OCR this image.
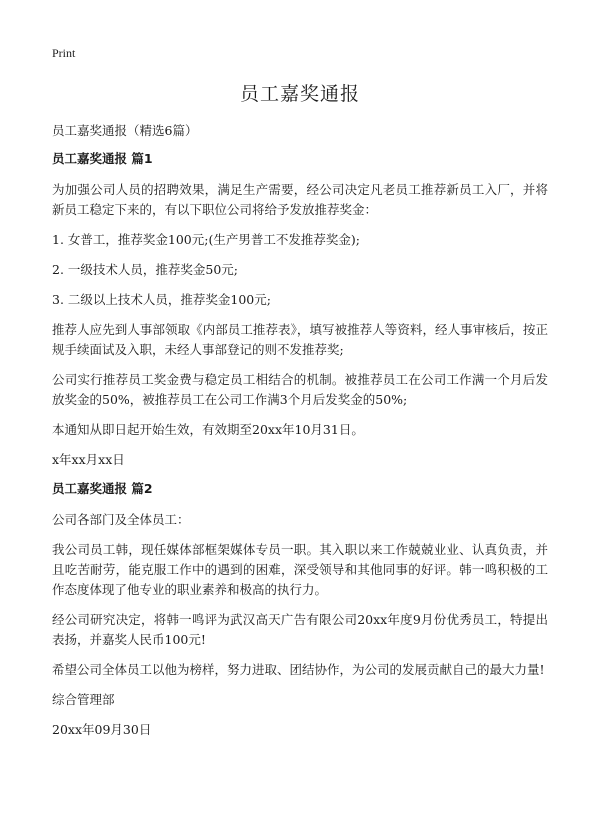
Print
员工嘉奖通报

员工嘉奖通报（精选6篇）

员工嘉奖通报 篇1

为加强公司人员的招聘效果，满足生产需要，经公司决定凡老员工推荐新员工入厂，并将新员工稳定下来的，有以下职位公司将给予发放推荐奖金：

1. 女普工，推荐奖金100元;(生产男普工不发推荐奖金);

2. 一级技术人员，推荐奖金50元;

3. 二级以上技术人员，推荐奖金100元;

推荐人应先到人事部领取《内部员工推荐表》，填写被推荐人等资料，经人事审核后，按正规手续面试及入职，未经人事部登记的则不发推荐奖;

公司实行推荐员工奖金费与稳定员工相结合的机制。被推荐员工在公司工作满一个月后发放奖金的50%，被推荐员工在公司工作满3个月后发奖金的50%;

本通知从即日起开始生效，有效期至20xx年10月31日。

x年xx月xx日

员工嘉奖通报 篇2

公司各部门及全体员工：

我公司员工韩，现任媒体部框架媒体专员一职。其入职以来工作兢兢业业、认真负责，并且吃苦耐劳，能克服工作中的遇到的困难，深受领导和其他同事的好评。韩一鸣积极的工作态度体现了他专业的职业素养和极高的执行力。

经公司研究决定，将韩一鸣评为武汉高天广告有限公司20xx年度9月份优秀员工，特提出表扬，并嘉奖人民币100元!

希望公司全体员工以他为榜样，努力进取、团结协作，为公司的发展贡献自己的最大力量!

综合管理部

20xx年09月30日
